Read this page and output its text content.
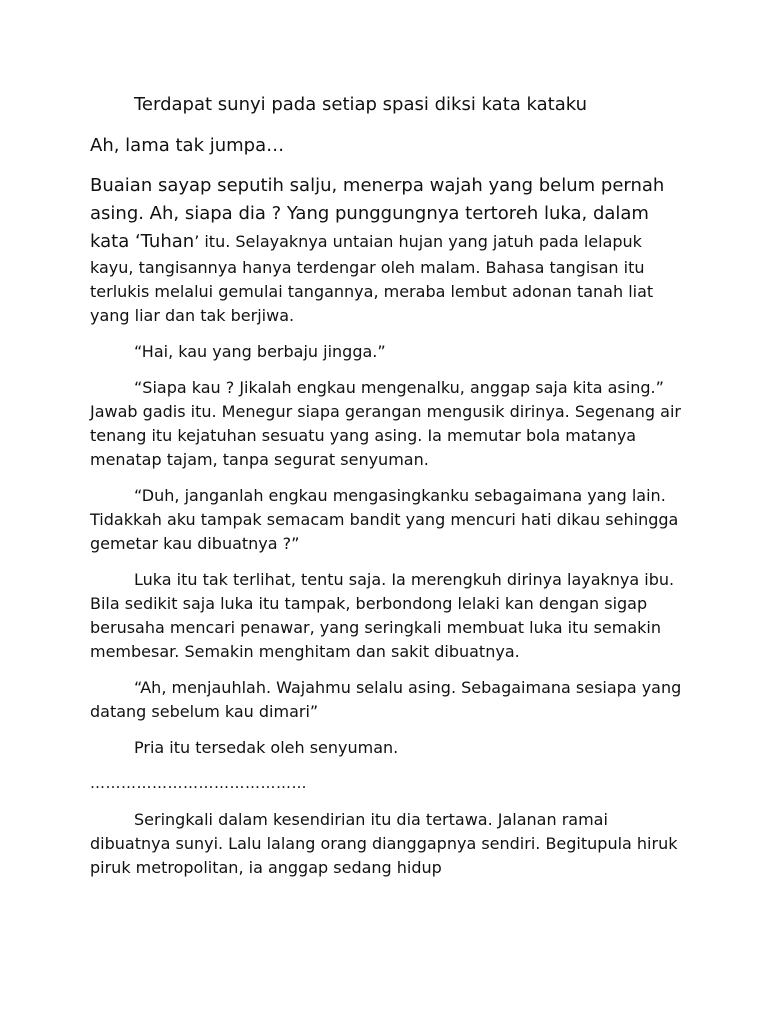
Terdapat sunyi pada setiap spasi diksi kata kataku

Ah, lama tak jumpa…

Buaian sayap seputih salju, menerpa wajah yang belum pernah asing. Ah, siapa dia ? Yang punggungnya tertoreh luka, dalam kata ‘Tuhan’ itu. Selayaknya untaian hujan yang jatuh pada lelapuk kayu, tangisannya hanya terdengar oleh malam. Bahasa tangisan itu terlukis melalui gemulai tangannya, meraba lembut adonan tanah liat yang liar dan tak berjiwa.

“Hai, kau yang berbaju jingga.”

“Siapa kau ? Jikalah engkau mengenalku, anggap saja kita asing.” Jawab gadis itu. Menegur siapa gerangan mengusik dirinya. Segenang air tenang itu kejatuhan sesuatu yang asing. Ia memutar bola matanya menatap tajam, tanpa segurat senyuman.

“Duh, janganlah engkau mengasingkanku sebagaimana yang lain. Tidakkah aku tampak semacam bandit yang mencuri hati dikau sehingga gemetar kau dibuatnya ?”

Luka itu tak terlihat, tentu saja. Ia merengkuh dirinya layaknya ibu. Bila sedikit saja luka itu tampak, berbondong lelaki kan dengan sigap berusaha mencari penawar, yang seringkali membuat luka itu semakin membesar. Semakin menghitam dan sakit dibuatnya.

“Ah, menjauhlah. Wajahmu selalu asing. Sebagaimana sesiapa yang datang sebelum kau dimari”

Pria itu tersedak oleh senyuman.

……………………………………

Seringkali dalam kesendirian itu dia tertawa. Jalanan ramai dibuatnya sunyi. Lalu lalang orang dianggapnya sendiri. Begitupula hiruk piruk metropolitan, ia anggap sedang hidup
